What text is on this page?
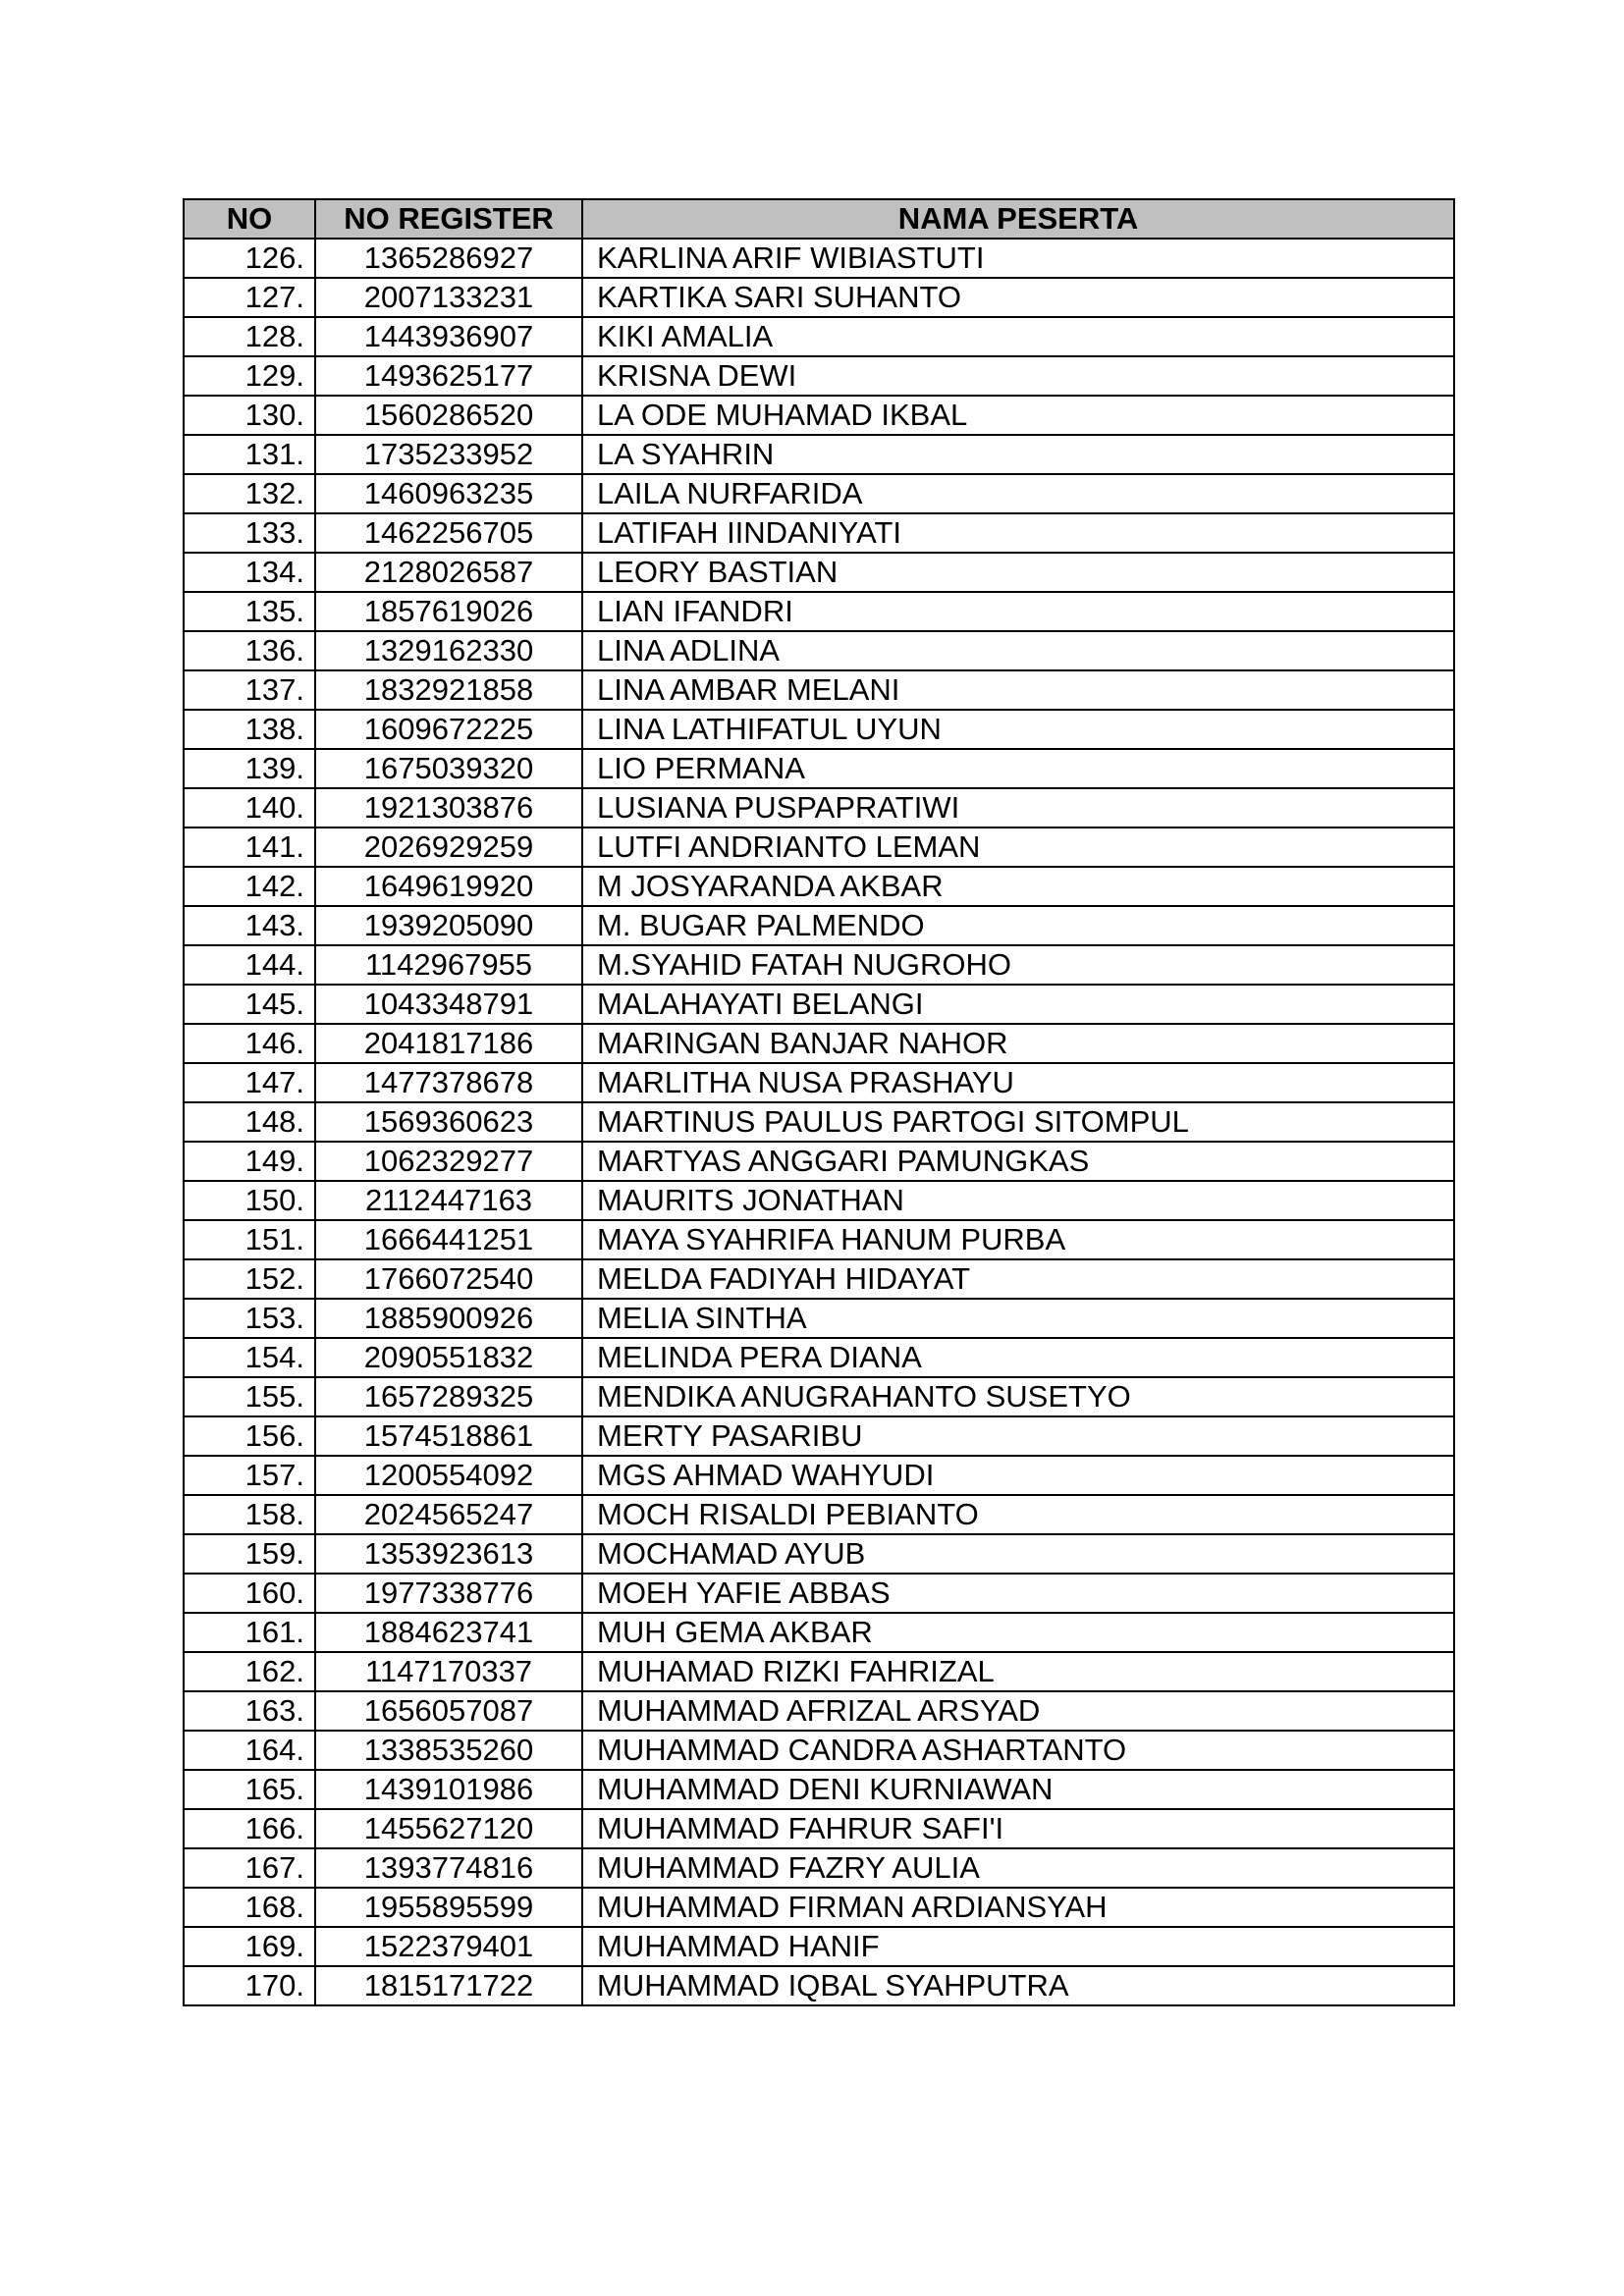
NO	NO REGISTER	NAMA PESERTA
126.	1365286927	KARLINA ARIF WIBIASTUTI
127.	2007133231	KARTIKA SARI SUHANTO
128.	1443936907	KIKI AMALIA
129.	1493625177	KRISNA DEWI
130.	1560286520	LA ODE MUHAMAD IKBAL
131.	1735233952	LA SYAHRIN
132.	1460963235	LAILA NURFARIDA
133.	1462256705	LATIFAH IINDANIYATI
134.	2128026587	LEORY BASTIAN
135.	1857619026	LIAN IFANDRI
136.	1329162330	LINA ADLINA
137.	1832921858	LINA AMBAR MELANI
138.	1609672225	LINA LATHIFATUL UYUN
139.	1675039320	LIO PERMANA
140.	1921303876	LUSIANA PUSPAPRATIWI
141.	2026929259	LUTFI ANDRIANTO LEMAN
142.	1649619920	M JOSYARANDA AKBAR
143.	1939205090	M. BUGAR PALMENDO
144.	1142967955	M.SYAHID FATAH NUGROHO
145.	1043348791	MALAHAYATI BELANGI
146.	2041817186	MARINGAN BANJAR NAHOR
147.	1477378678	MARLITHA NUSA PRASHAYU
148.	1569360623	MARTINUS PAULUS PARTOGI SITOMPUL
149.	1062329277	MARTYAS ANGGARI PAMUNGKAS
150.	2112447163	MAURITS JONATHAN
151.	1666441251	MAYA SYAHRIFA HANUM PURBA
152.	1766072540	MELDA FADIYAH HIDAYAT
153.	1885900926	MELIA SINTHA
154.	2090551832	MELINDA PERA DIANA
155.	1657289325	MENDIKA ANUGRAHANTO SUSETYO
156.	1574518861	MERTY PASARIBU
157.	1200554092	MGS AHMAD WAHYUDI
158.	2024565247	MOCH RISALDI PEBIANTO
159.	1353923613	MOCHAMAD AYUB
160.	1977338776	MOEH YAFIE ABBAS
161.	1884623741	MUH GEMA AKBAR
162.	1147170337	MUHAMAD RIZKI FAHRIZAL
163.	1656057087	MUHAMMAD AFRIZAL ARSYAD
164.	1338535260	MUHAMMAD CANDRA ASHARTANTO
165.	1439101986	MUHAMMAD DENI KURNIAWAN
166.	1455627120	MUHAMMAD FAHRUR SAFI'I
167.	1393774816	MUHAMMAD FAZRY AULIA
168.	1955895599	MUHAMMAD FIRMAN ARDIANSYAH
169.	1522379401	MUHAMMAD HANIF
170.	1815171722	MUHAMMAD IQBAL SYAHPUTRA
